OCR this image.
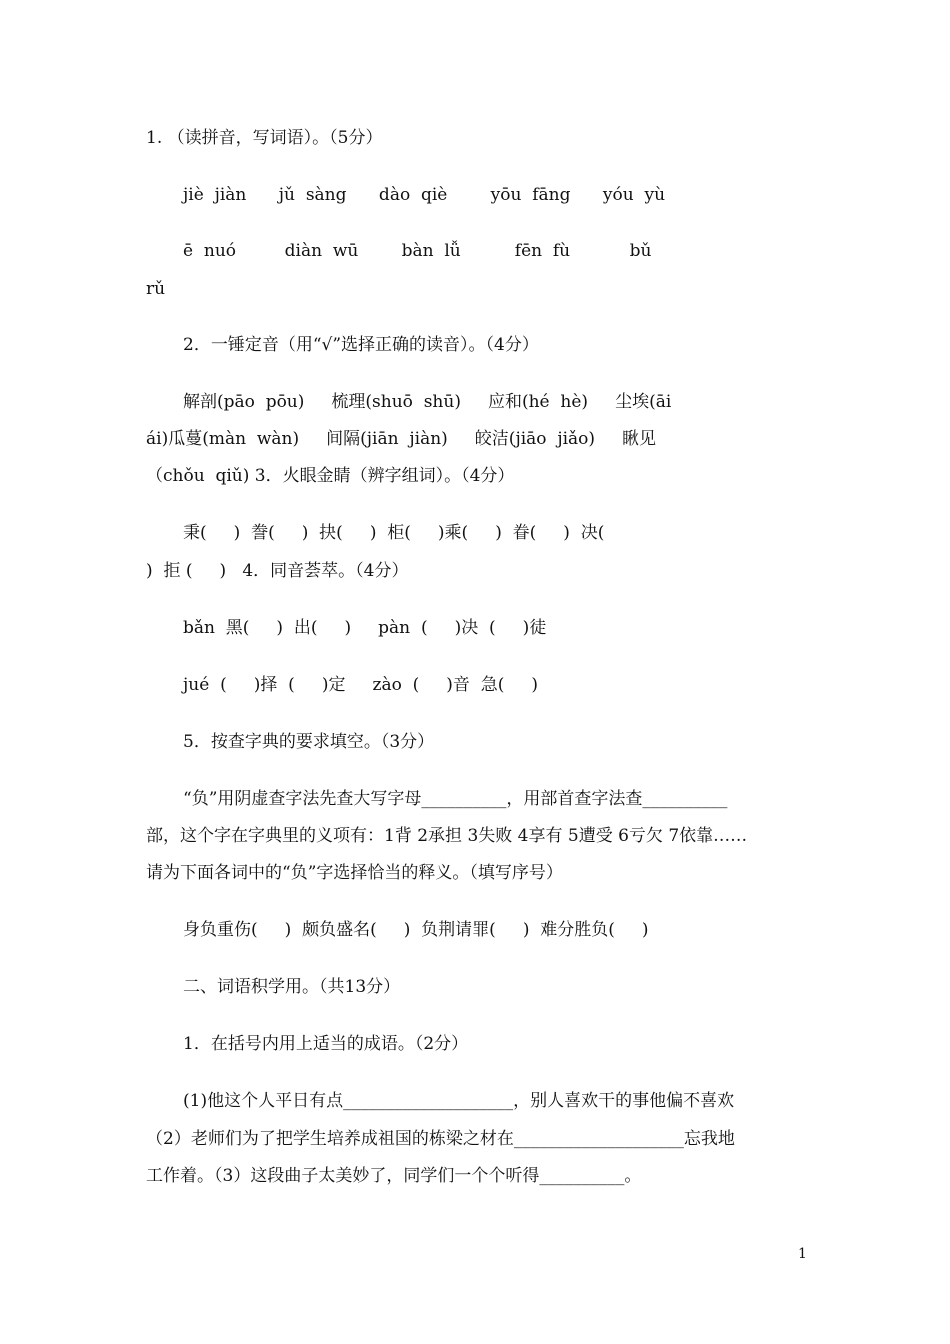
1. （读拼音，写词语）。（5分）
jiè  jiàn      jǔ  sàng      dào  qiè        yōu  fāng      yóu  yù
ē  nuó         diàn  wū        bàn  lǚ          fēn  fù           bǔ
rǔ
2．一锤定音（用“√”选择正确的读音）。（4分）
解剖(pāo  pōu)     梳理(shuō  shū)     应和(hé  hè)     尘埃(āi
ái)瓜蔓(màn  wàn)     间隔(jiān  jiàn)     皎洁(jiāo  jiǎo)     瞅见
（chǒu  qiǔ) 3．火眼金睛（辨字组词）。（4分）
秉(     )  誊(     )  抉(     )  柜(     )乘(     )  眷(     )  决(
)  拒 (     )   4．同音荟萃。（4分）
bǎn  黑(     )  出(     )     pàn  (     )决  (     )徒
jué  (     )择  (     )定     zào  (     )音  急(     )
5．按查字典的要求填空。（3分）
“负”用阴虚查字法先查大写字母__________，用部首查字法查__________
部，这个字在字典里的义项有：1背 2承担 3失败 4享有 5遭受 6亏欠 7依靠……
请为下面各词中的“负”字选择恰当的释义。（填写序号）
身负重伤(     )  颇负盛名(     )  负荆请罪(     )  难分胜负(     )
二、词语积学用。（共13分）
1．在括号内用上适当的成语。（2分）
(1)他这个人平日有点____________________，别人喜欢干的事他偏不喜欢
（2）老师们为了把学生培养成祖国的栋梁之材在____________________忘我地
工作着。（3）这段曲子太美妙了，同学们一个个听得__________。
1
